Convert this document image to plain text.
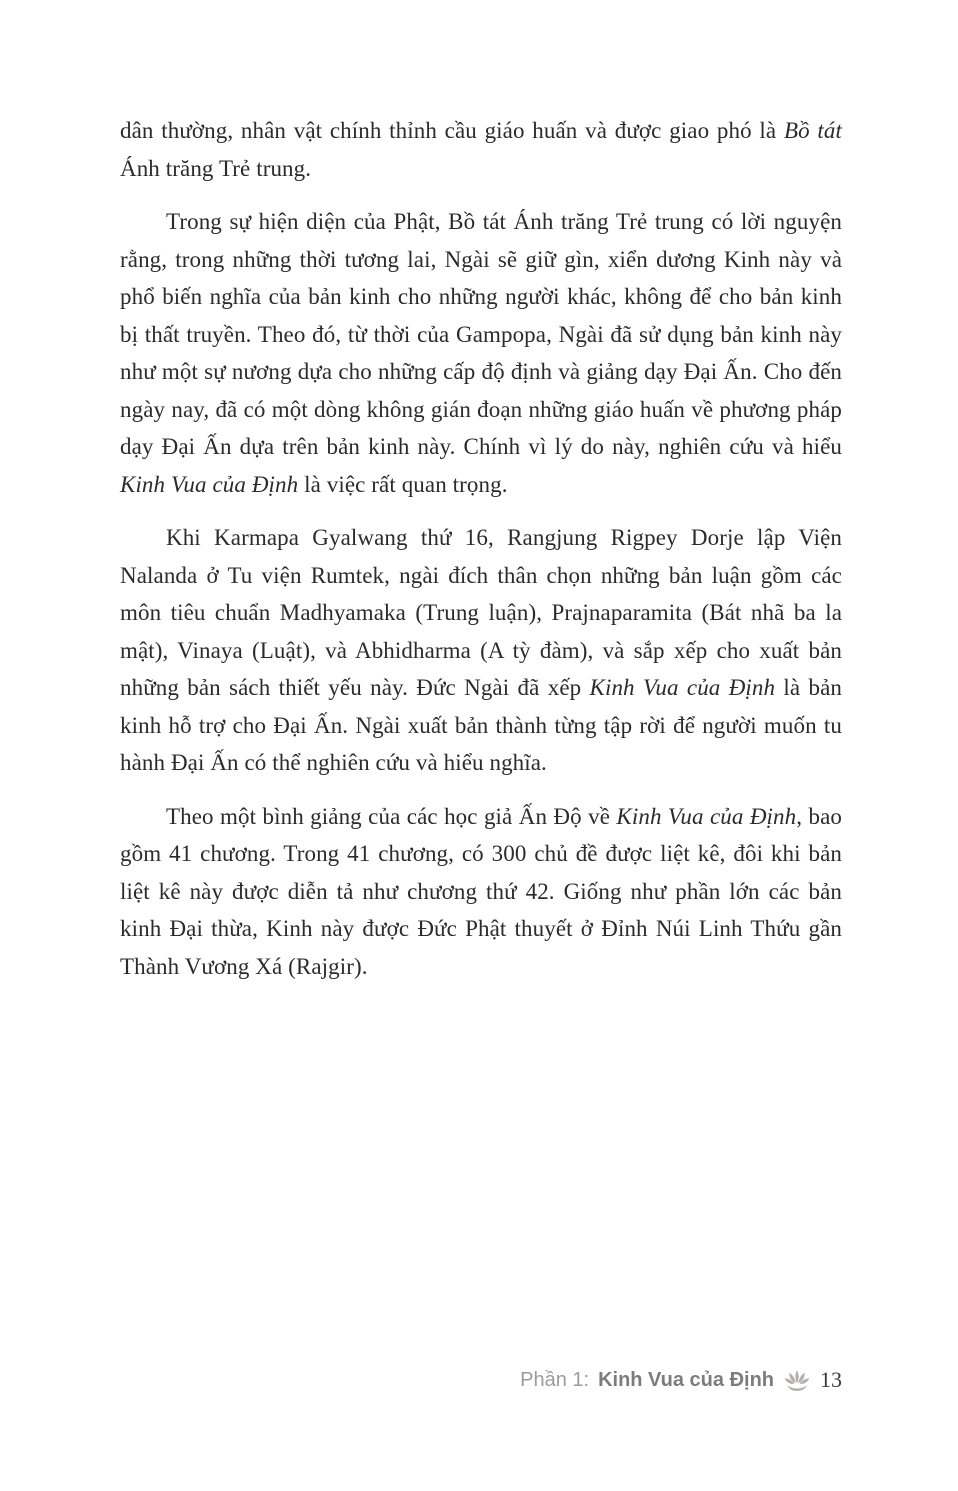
dân thường, nhân vật chính thỉnh cầu giáo huấn và được giao phó là Bồ tát Ánh trăng Trẻ trung.

Trong sự hiện diện của Phật, Bồ tát Ánh trăng Trẻ trung có lời nguyện rằng, trong những thời tương lai, Ngài sẽ giữ gìn, xiển dương Kinh này và phổ biến nghĩa của bản kinh cho những người khác, không để cho bản kinh bị thất truyền. Theo đó, từ thời của Gampopa, Ngài đã sử dụng bản kinh này như một sự nương dựa cho những cấp độ định và giảng dạy Đại Ấn. Cho đến ngày nay, đã có một dòng không gián đoạn những giáo huấn về phương pháp dạy Đại Ấn dựa trên bản kinh này. Chính vì lý do này, nghiên cứu và hiểu Kinh Vua của Định là việc rất quan trọng.

Khi Karmapa Gyalwang thứ 16, Rangjung Rigpey Dorje lập Viện Nalanda ở Tu viện Rumtek, ngài đích thân chọn những bản luận gồm các môn tiêu chuẩn Madhyamaka (Trung luận), Prajnaparamita (Bát nhã ba la mật), Vinaya (Luật), và Abhidharma (A tỳ đàm), và sắp xếp cho xuất bản những bản sách thiết yếu này. Đức Ngài đã xếp Kinh Vua của Định là bản kinh hỗ trợ cho Đại Ấn. Ngài xuất bản thành từng tập rời để người muốn tu hành Đại Ấn có thể nghiên cứu và hiểu nghĩa.

Theo một bình giảng của các học giả Ấn Độ về Kinh Vua của Định, bao gồm 41 chương. Trong 41 chương, có 300 chủ đề được liệt kê, đôi khi bản liệt kê này được diễn tả như chương thứ 42. Giống như phần lớn các bản kinh Đại thừa, Kinh này được Đức Phật thuyết ở Đỉnh Núi Linh Thứu gần Thành Vương Xá (Rajgir).

Phần 1: Kinh Vua của Định 13
